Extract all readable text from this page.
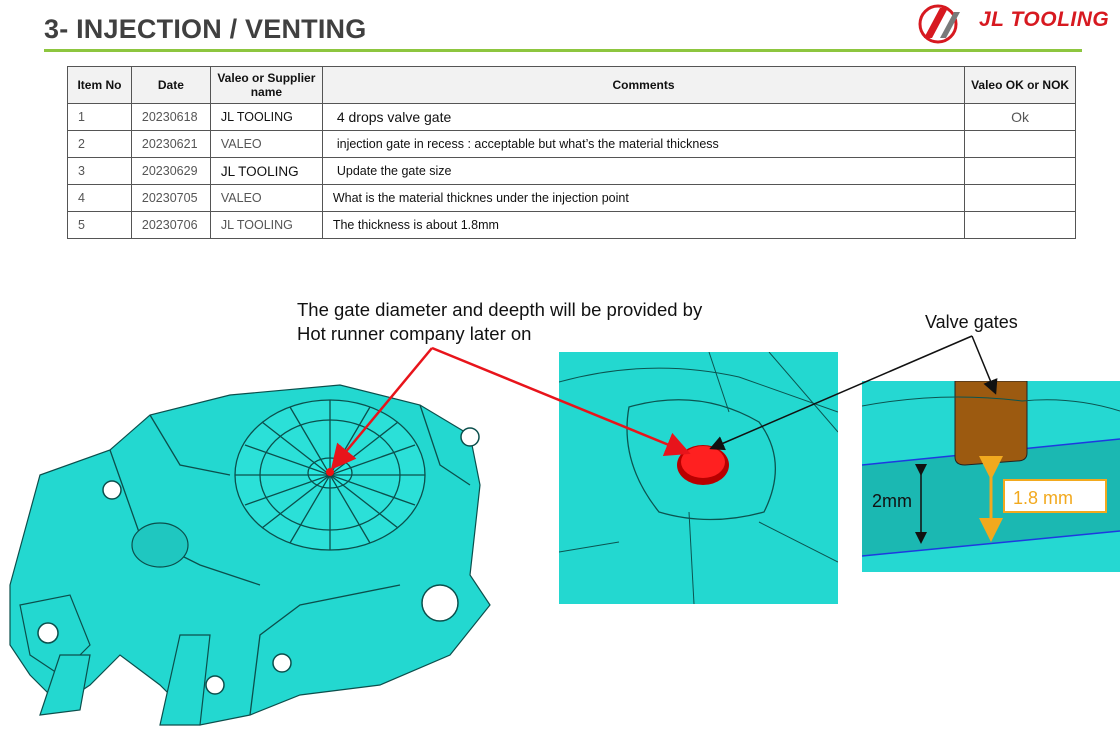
3- INJECTION / VENTING	JL TOOLING
Item No	Date	Valeo or Supplier name	Comments	Valeo OK or NOK
1	20230618	JL TOOLING	4 drops valve gate	Ok
2	20230621	VALEO	injection gate in recess : acceptable but what’s the material thickness	
3	20230629	JL TOOLING	Update the gate size	
4	20230705	VALEO	What is the material thicknes under the injection point	
5	20230706	JL TOOLING	The thickness is about 1.8mm	
The gate diameter and deepth will be provided by Hot runner company later on
Valve gates
2mm	1.8 mm
